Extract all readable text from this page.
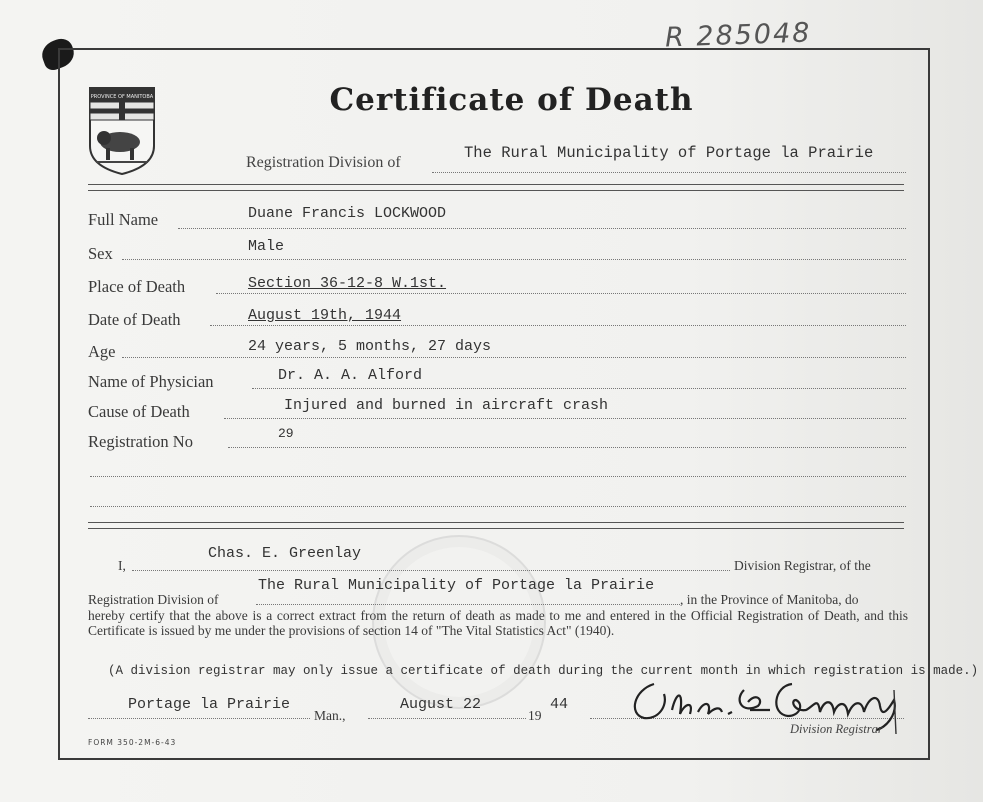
R 285048
PROVINCE OF MANITOBA	Certificate of Death
Registration Division of
The Rural Municipality of Portage la Prairie
Full Name	Duane Francis LOCKWOOD
Sex	Male
Place of Death	Section 36-12-8 W.1st.
Date of Death	August 19th, 1944
Age	24 years, 5 months, 27 days
Name of Physician	Dr. A. A. Alford
Cause of Death	Injured and burned in aircraft crash
Registration No	29
I,
Chas. E. Greenlay
Division Registrar, of the
Registration Division of
The Rural Municipality of Portage la Prairie
, in the Province of Manitoba, do
hereby certify that the above is a correct extract from the return of death as made to me and entered in the Official Registration of Death, and this Certificate is issued by me under the provisions of section 14 of "The Vital Statistics Act" (1940).
(A division registrar may only issue a certificate of death during the current month in which registration is made.)
Portage la Prairie
Man.,
August 22
19
44
Division Registrar
FORM 350-2M-6-43
